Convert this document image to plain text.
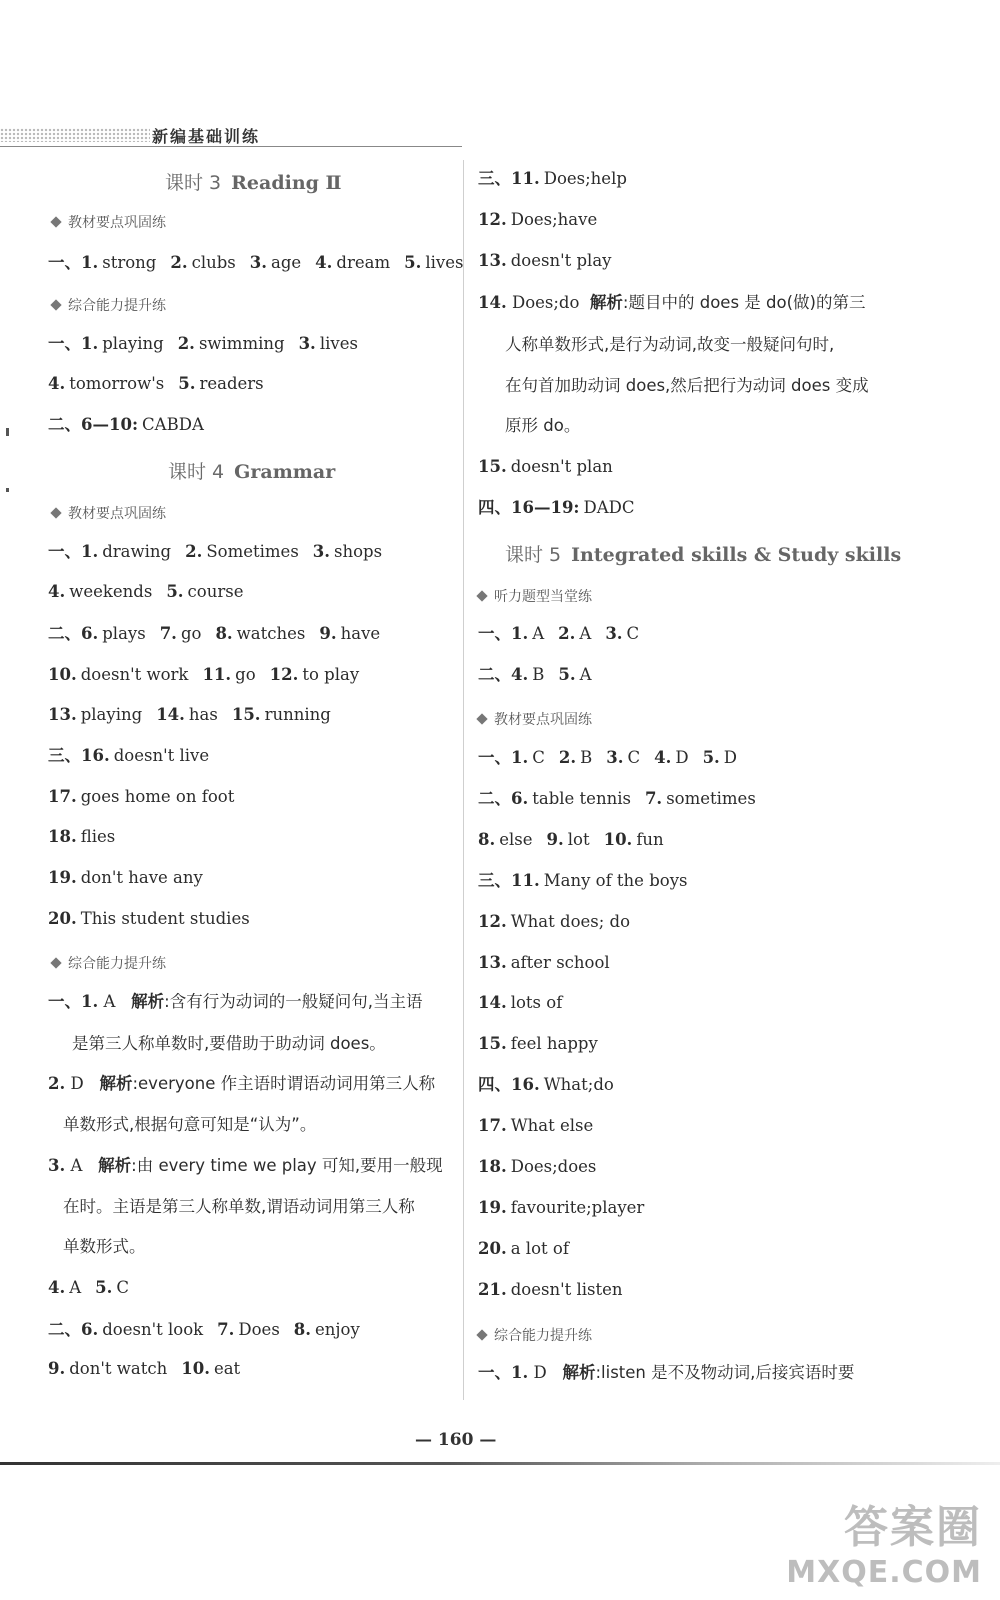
新编基础训练
课时 3 Reading Ⅱ
教材要点巩固练
一、1. strong 2. clubs 3. age 4. dream 5. lives
综合能力提升练
一、1. playing 2. swimming 3. lives
4. tomorrow's 5. readers
二、6—10: CABDA
课时 4 Grammar
教材要点巩固练
一、1. drawing 2. Sometimes 3. shops
4. weekends 5. course
二、6. plays 7. go 8. watches 9. have
10. doesn't work 11. go 12. to play
13. playing 14. has 15. running
三、16. doesn't live
17. goes home on foot
18. flies
19. don't have any
20. This student studies
综合能力提升练
一、1. A 解析:含有行为动词的一般疑问句,当主语
是第三人称单数时,要借助于助动词 does。
2. D 解析:everyone 作主语时谓语动词用第三人称
单数形式,根据句意可知是“认为”。
3. A 解析:由 every time we play 可知,要用一般现
在时。主语是第三人称单数,谓语动词用第三人称
单数形式。
4. A 5. C
二、6. doesn't look 7. Does 8. enjoy
9. don't watch 10. eat
三、11. Does;help
12. Does;have
13. doesn't play
14. Does;do 解析:题目中的 does 是 do(做)的第三
人称单数形式,是行为动词,故变一般疑问句时,
在句首加助动词 does,然后把行为动词 does 变成
原形 do。
15. doesn't plan
四、16—19: DADC
课时 5 Integrated skills & Study skills
听力题型当堂练
一、1. A 2. A 3. C
二、4. B 5. A
教材要点巩固练
一、1. C 2. B 3. C 4. D 5. D
二、6. table tennis 7. sometimes
8. else 9. lot 10. fun
三、11. Many of the boys
12. What does; do
13. after school
14. lots of
15. feel happy
四、16. What;do
17. What else
18. Does;does
19. favourite;player
20. a lot of
21. doesn't listen
综合能力提升练
一、1. D 解析:listen 是不及物动词,后接宾语时要
— 160 —
答案圈
MXQE.COM
